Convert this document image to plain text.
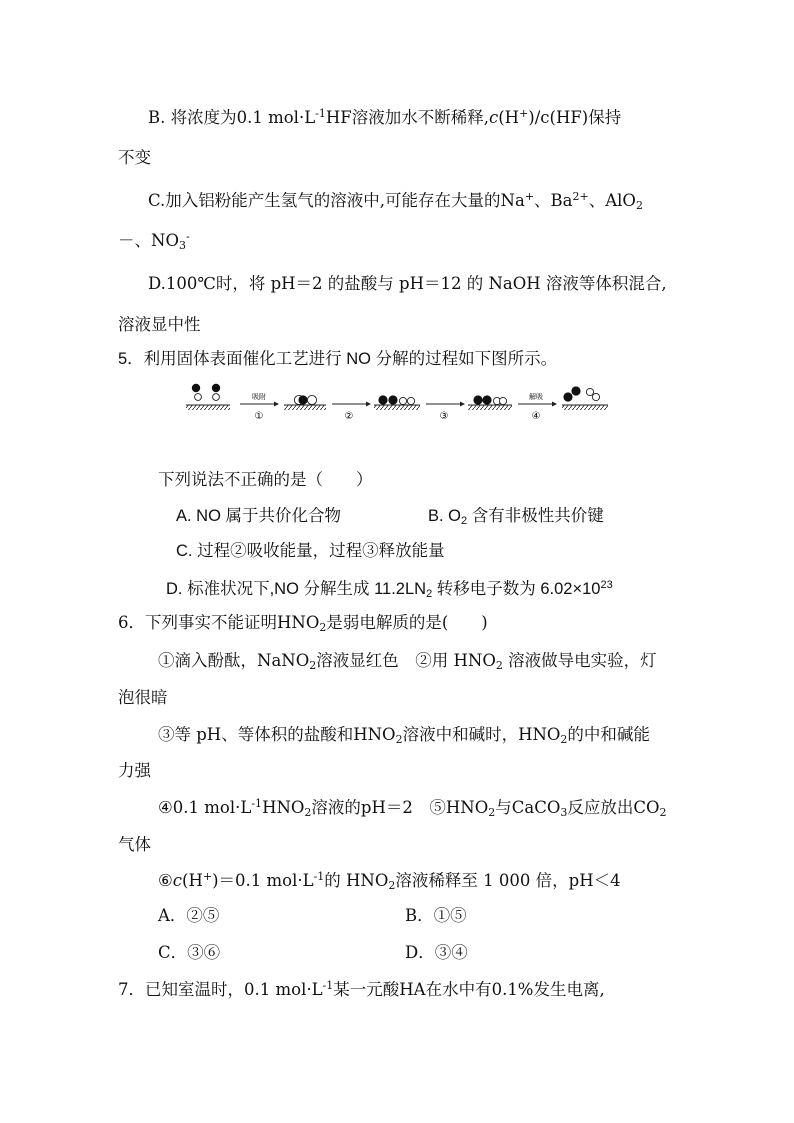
B. 将浓度为0.1 $mol\cdot L^{-1}HF$溶液加水不断稀释,c(H+)/c(HF)保持
不变
C.加入铝粉能产生氢气的溶液中,可能存在大量的Na+、$Ba^{2+}$、AlO$_2$
－、$NO_3^-$
D.100℃时，将 pH＝2 的盐酸与 pH＝12 的 NaOH 溶液等体积混合,
溶液显中性
5．利用固体表面催化工艺进行 NO 分解的过程如下图所示。
吸附
①	②	③
解吸
④
下列说法不正确的是（　　）
A. NO 属于共价化合物	B. $O_2$ 含有非极性共价键
C. 过程②吸收能量，过程③释放能量
D. 标准状况下,NO 分解生成 $11.2LN_2$ 转移电子数为 $6.02\times 10^{23}$
6．下列事实不能证明$HNO_2$是弱电解质的是(　　)
①滴入酚酞，NaNO$_2$溶液显红色　②用 $HNO_2$ 溶液做导电实验，灯
泡很暗
③等 pH、等体积的盐酸和$HNO_2$溶液中和碱时，$HNO_2$的中和碱能
力强
④0.1 $mol\cdot L^{-1}HNO_2$溶液的pH＝2　$⑤HNO_2$与CaCO$_3$反应放出$CO_2$
气体
⑥c(H+)＝0.1 $mol\cdot L^{-1}$的 $HNO_2$溶液稀释至 1 000 倍，pH＜4
A．②⑤	B．①⑤
C．③⑥	D．③④
7．已知室温时，0.1 $mol\cdot L^{-1}$某一元酸HA在水中有0.1%发生电离,
